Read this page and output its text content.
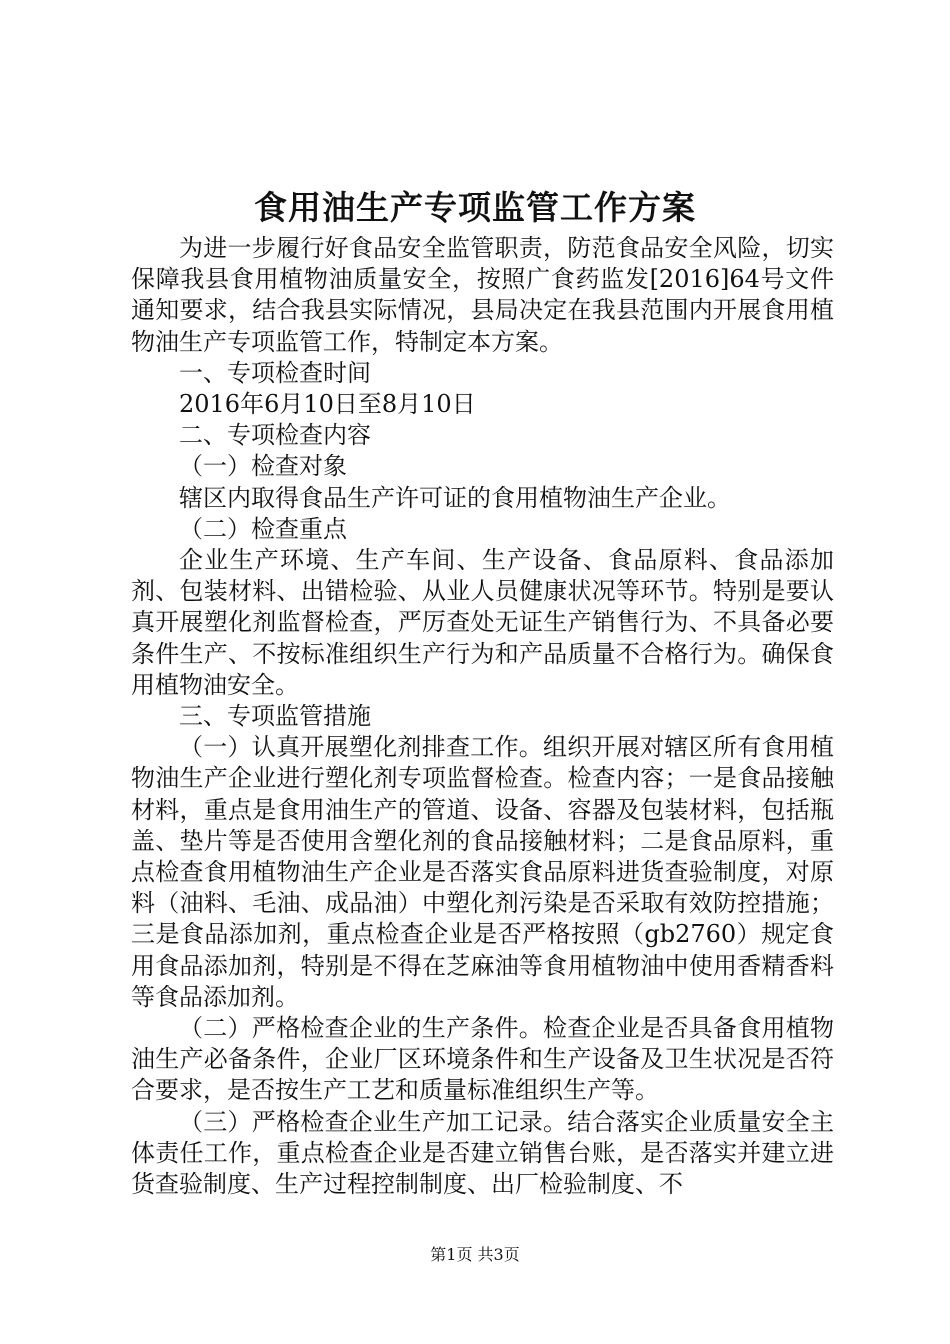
食用油生产专项监管工作方案

为进一步履行好食品安全监管职责，防范食品安全风险，切实保障我县食用植物油质量安全，按照广食药监发[2016]64号文件通知要求，结合我县实际情况，县局决定在我县范围内开展食用植物油生产专项监管工作，特制定本方案。

一、专项检查时间

2016年6月10日至8月10日

二、专项检查内容

（一）检查对象

辖区内取得食品生产许可证的食用植物油生产企业。

（二）检查重点

企业生产环境、生产车间、生产设备、食品原料、食品添加剂、包装材料、出错检验、从业人员健康状况等环节。特别是要认真开展塑化剂监督检查，严厉查处无证生产销售行为、不具备必要条件生产、不按标准组织生产行为和产品质量不合格行为。确保食用植物油安全。

三、专项监管措施

（一）认真开展塑化剂排查工作。组织开展对辖区所有食用植物油生产企业进行塑化剂专项监督检查。检查内容；一是食品接触材料，重点是食用油生产的管道、设备、容器及包装材料，包括瓶盖、垫片等是否使用含塑化剂的食品接触材料；二是食品原料，重点检查食用植物油生产企业是否落实食品原料进货查验制度，对原料（油料、毛油、成品油）中塑化剂污染是否采取有效防控措施；三是食品添加剂，重点检查企业是否严格按照（gb2760）规定食用食品添加剂，特别是不得在芝麻油等食用植物油中使用香精香料等食品添加剂。

（二）严格检查企业的生产条件。检查企业是否具备食用植物油生产必备条件，企业厂区环境条件和生产设备及卫生状况是否符合要求，是否按生产工艺和质量标准组织生产等。

（三）严格检查企业生产加工记录。结合落实企业质量安全主体责任工作，重点检查企业是否建立销售台账，是否落实并建立进货查验制度、生产过程控制制度、出厂检验制度、不

第1页 共3页
